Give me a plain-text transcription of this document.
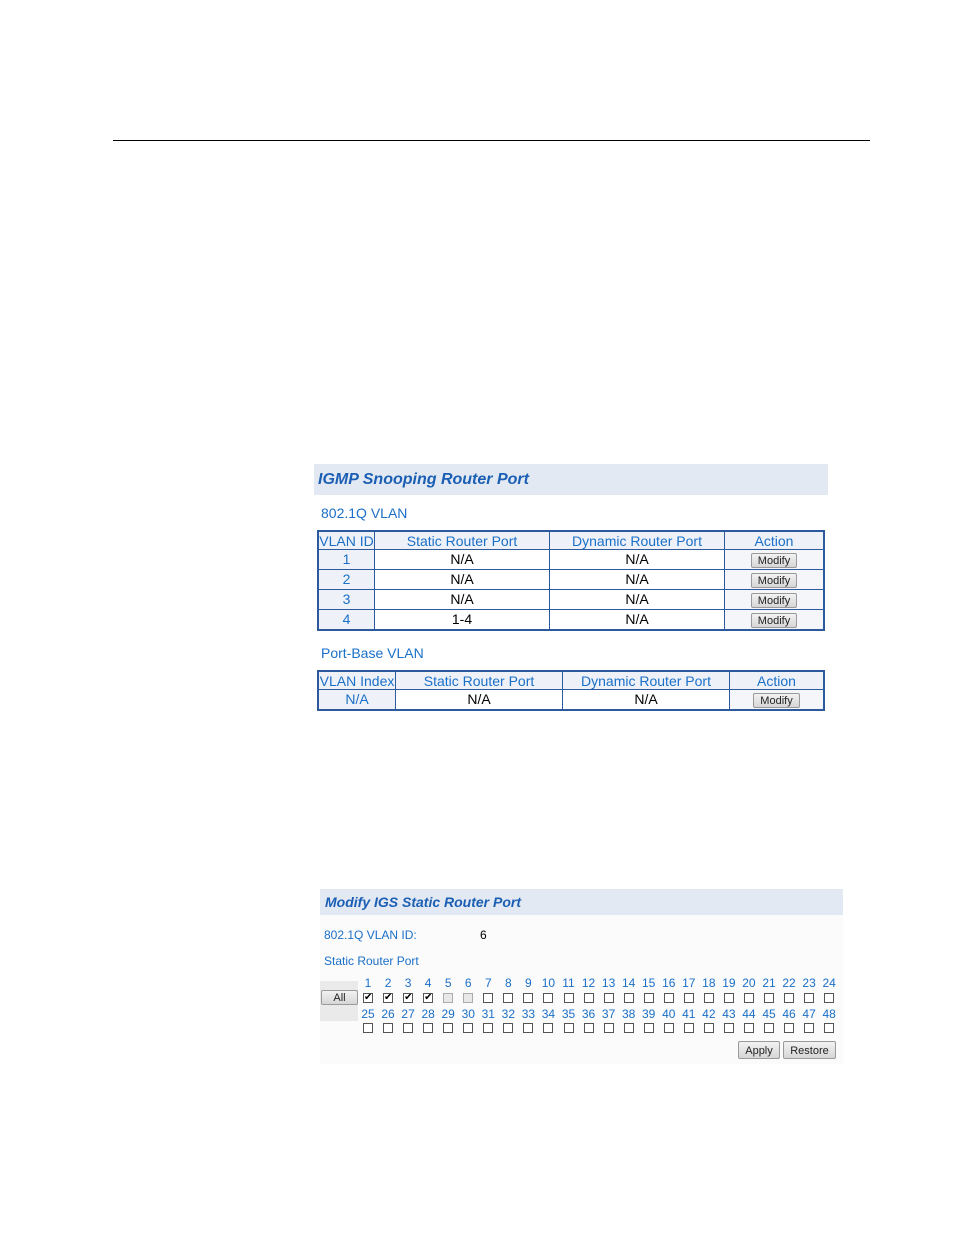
IGMP Snooping Router Port
802.1Q VLAN
VLAN ID	Static Router Port	Dynamic Router Port	Action
1	N/A	N/A	Modify
2	N/A	N/A	Modify
3	N/A	N/A	Modify
4	1-4	N/A	Modify
Port-Base VLAN
VLAN Index	Static Router Port	Dynamic Router Port	Action
N/A	N/A	N/A	Modify
Modify IGS Static Router Port
802.1Q VLAN ID:	6
Static Router Port
All
1
✔
2
✔
3
✔
4
✔
5	6	7	8	9 10 11 12 13 14 15 16 17 18 19 20 21 22 23 24
25 26 27 28 29 30 31 32 33 34 35 36 37 38 39 40 41 42 43 44 45 46 47 48
Apply	Restore
